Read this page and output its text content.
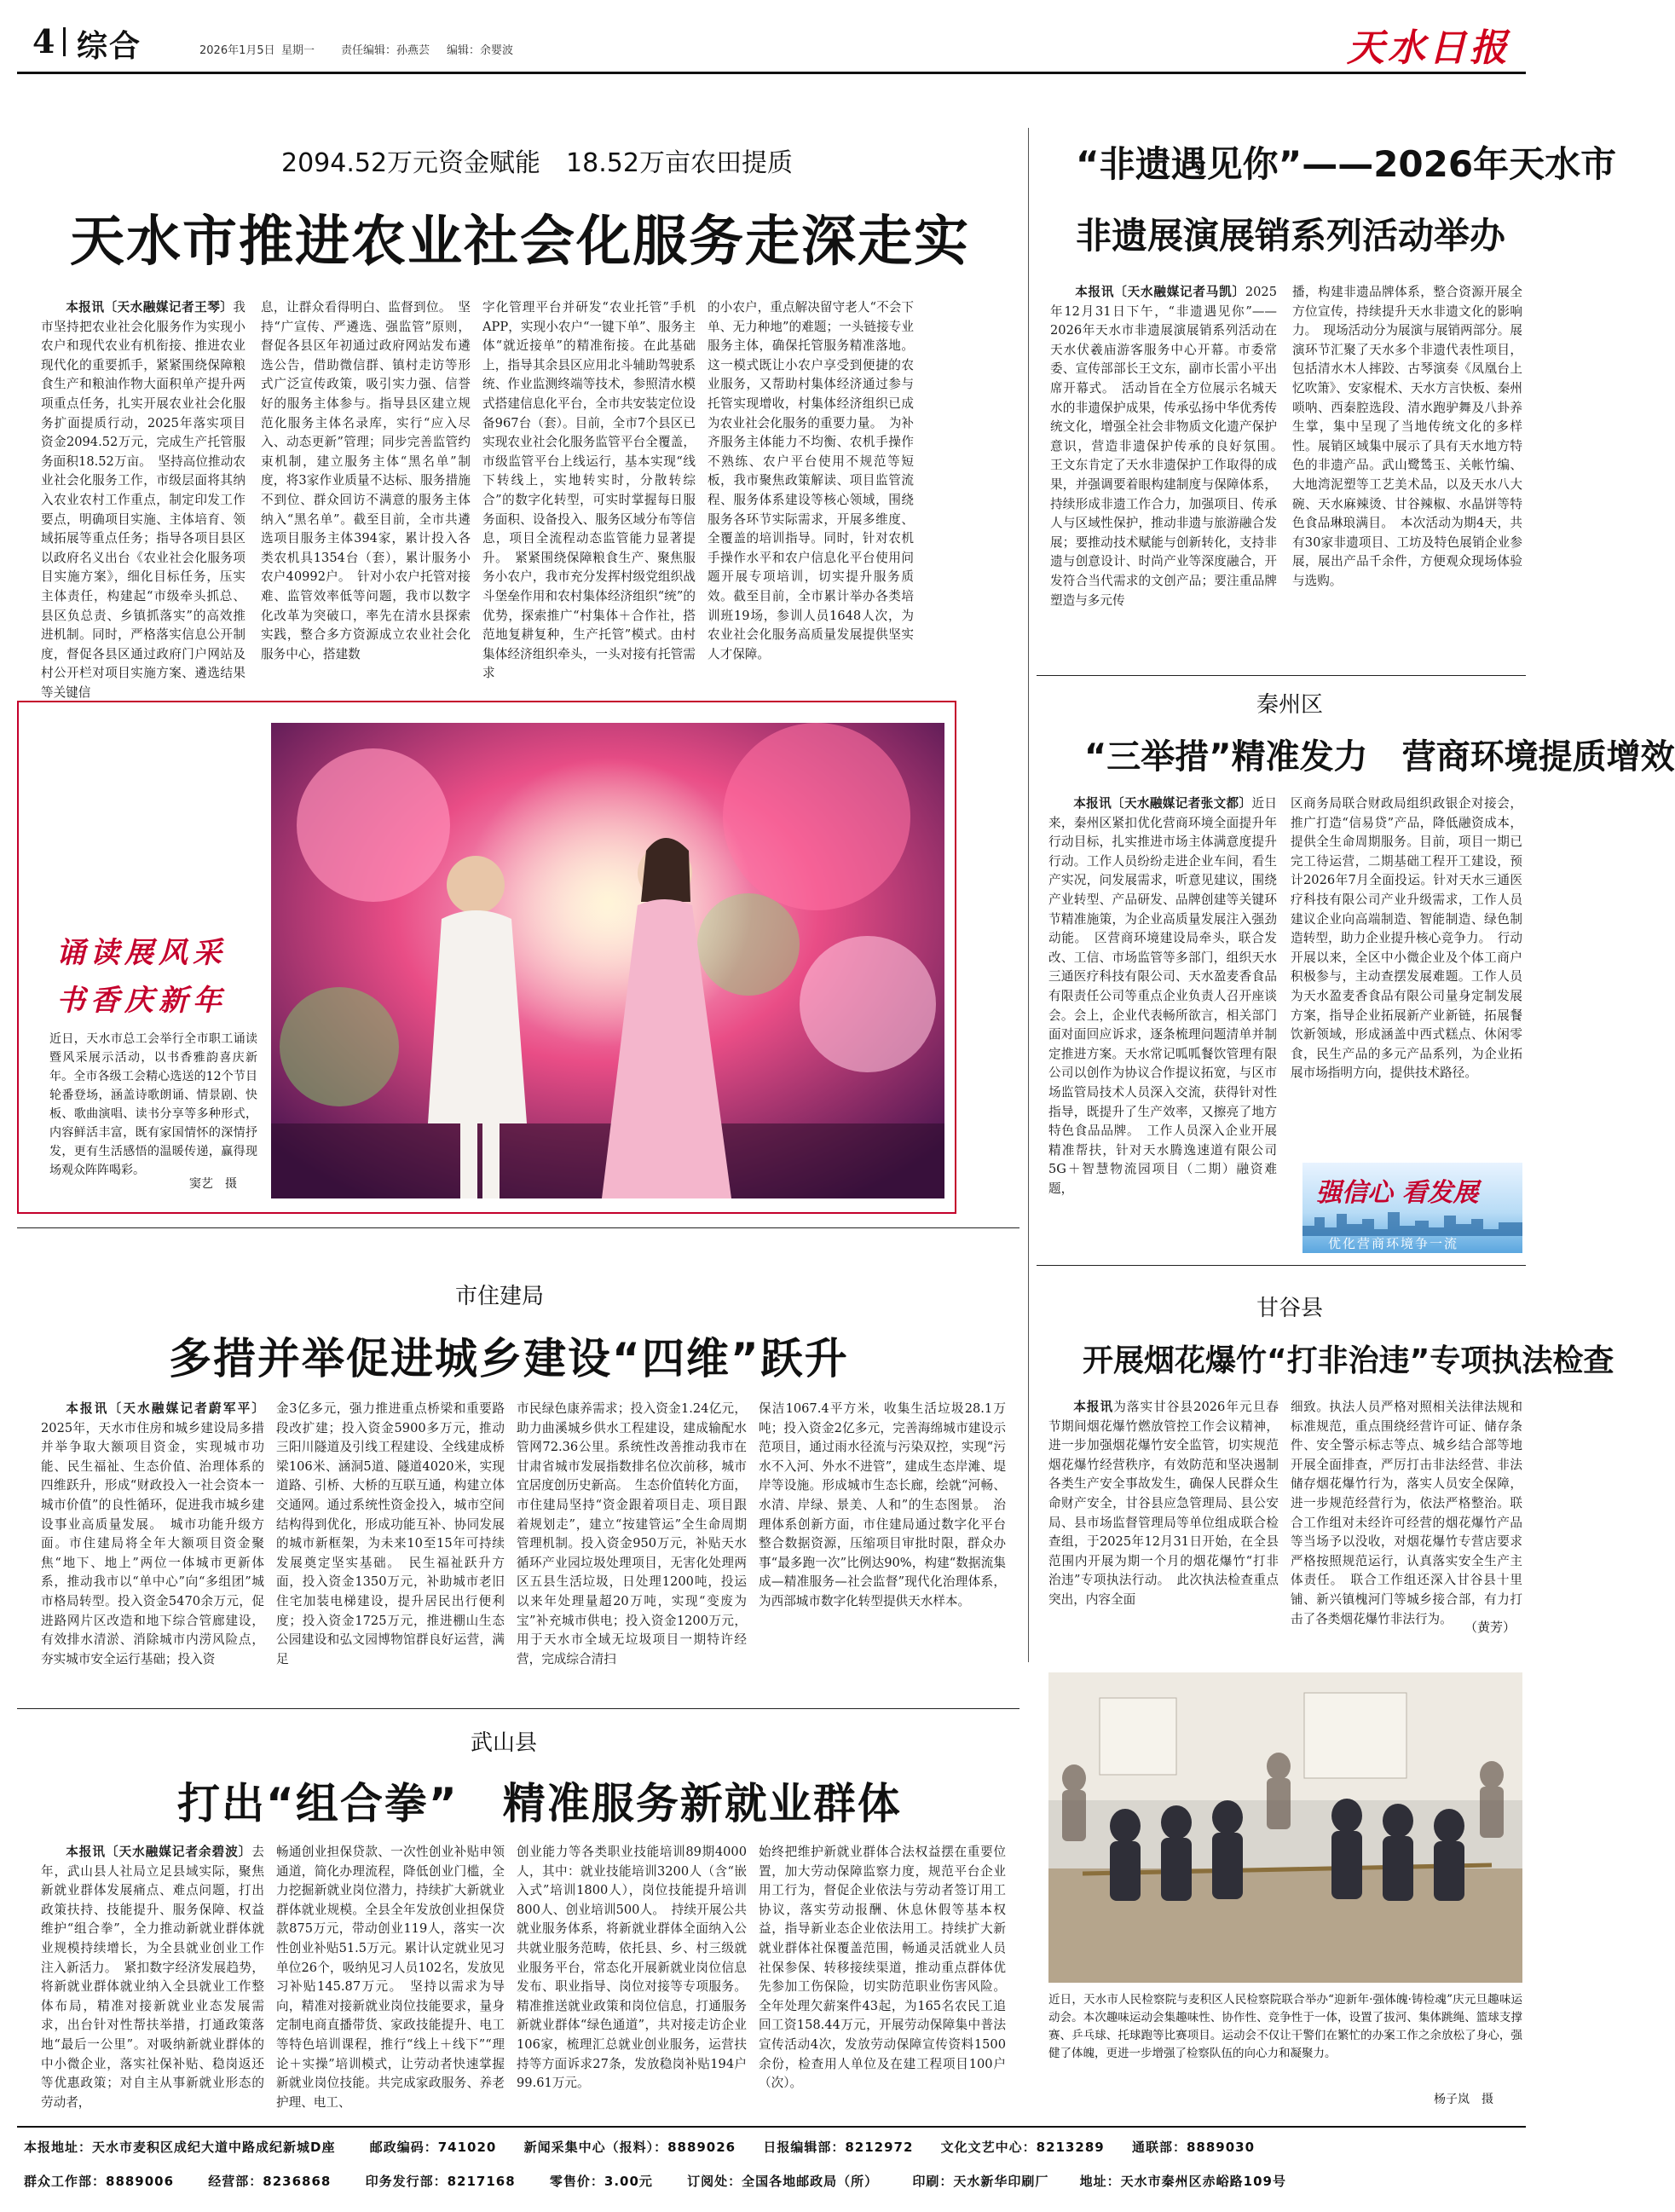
4 综合	2026年1月5日 星期一 责任编辑：孙燕芸 编辑：余婴波	天水日报
2094.52万元资金赋能　18.52万亩农田提质
天水市推进农业社会化服务走深走实

本报讯〔天水融媒记者王琴〕我市坚持把农业社会化服务作为实现小农户和现代农业有机衔接、推进农业现代化的重要抓手，紧紧围绕保障粮食生产和粮油作物大面积单产提升两项重点任务，扎实开展农业社会化服务扩面提质行动，2025年落实项目资金2094.52万元，完成生产托管服务面积18.52万亩。　坚持高位推动农业社会化服务工作，市级层面将其纳入农业农村工作重点，制定印发工作要点，明确项目实施、主体培育、领域拓展等重点任务；指导各项目县区以政府名义出台《农业社会化服务项目实施方案》，细化目标任务，压实主体责任，构建起“市级牵头抓总、县区负总责、乡镇抓落实”的高效推进机制。同时，严格落实信息公开制度，督促各县区通过政府门户网站及村公开栏对项目实施方案、遴选结果等关键信

息，让群众看得明白、监督到位。　坚持“广宣传、严遴选、强监管”原则，督促各县区年初通过政府网站发布遴选公告，借助微信群、镇村走访等形式广泛宣传政策，吸引实力强、信誉好的服务主体参与。指导县区建立规范化服务主体名录库，实行“应入尽入、动态更新”管理；同步完善监管约束机制，建立服务主体“黑名单”制度，将3家作业质量不达标、服务措施不到位、群众回访不满意的服务主体纳入“黑名单”。截至目前，全市共遴选项目服务主体394家，累计投入各类农机具1354台（套），累计服务小农户40992户。　针对小农户托管对接难、监管效率低等问题，我市以数字化改革为突破口，率先在清水县探索实践，整合多方资源成立农业社会化服务中心，搭建数

字化管理平台并研发“农业托管”手机APP，实现小农户“一键下单”、服务主体“就近接单”的精准衔接。在此基础上，指导其余县区应用北斗辅助驾驶系统、作业监测终端等技术，参照清水模式搭建信息化平台，全市共安装定位设备967台（套）。目前，全市7个县区已实现农业社会化服务监管平台全覆盖，市级监管平台上线运行，基本实现“线下转线上，实地转实时，分散转综合”的数字化转型，可实时掌握每日服务面积、设备投入、服务区域分布等信息，项目全流程动态监管能力显著提升。　紧紧围绕保障粮食生产、聚焦服务小农户，我市充分发挥村级党组织战斗堡垒作用和农村集体经济组织“统”的优势，探索推广“村集体＋合作社，搭范地复耕复种，生产托管”模式。由村集体经济组织牵头，一头对接有托管需求

的小农户，重点解决留守老人“不会下单、无力种地”的难题；一头链接专业服务主体，确保托管服务精准落地。这一模式既让小农户享受到便捷的农业服务，又帮助村集体经济通过参与托管实现增收，村集体经济组织已成为农业社会化服务的重要力量。　为补齐服务主体能力不均衡、农机手操作不熟练、农户平台使用不规范等短板，我市聚焦政策解读、项目监管流程、服务体系建设等核心领域，围绕服务各环节实际需求，开展多维度、全覆盖的培训指导。同时，针对农机手操作水平和农户信息化平台使用问题开展专项培训，切实提升服务质效。截至目前，全市累计举办各类培训班19场，参训人员1648人次，为农业社会化服务高质量发展提供坚实人才保障。

“非遗遇见你”——2026年天水市
非遗展演展销系列活动举办

本报讯〔天水融媒记者马凯〕2025年12月31日下午，“非遗遇见你”——2026年天水市非遗展演展销系列活动在天水伏羲庙游客服务中心开幕。市委常委、宣传部部长王文东，副市长雷小平出席开幕式。　活动旨在全方位展示名城天水的非遗保护成果，传承弘扬中华优秀传统文化，增强全社会非物质文化遗产保护意识，营造非遗保护传承的良好氛围。　王文东肯定了天水非遗保护工作取得的成果，并强调要着眼构建制度与保障体系，持续形成非遗工作合力，加强项目、传承人与区域性保护，推动非遗与旅游融合发展；要推动技术赋能与创新转化，支持非遗与创意设计、时尚产业等深度融合，开发符合当代需求的文创产品；要注重品牌塑造与多元传

播，构建非遗品牌体系，整合资源开展全方位宣传，持续提升天水非遗文化的影响力。　现场活动分为展演与展销两部分。展演环节汇聚了天水多个非遗代表性项目，包括清水木人摔跤、古琴演奏《凤凰台上忆吹箫》、安家棍术、天水方言快板、秦州唢呐、西秦腔选段、清水跑驴舞及八卦养生掌，集中呈现了当地传统文化的多样性。展销区域集中展示了具有天水地方特色的非遗产品。武山鹭鸶玉、关帐竹编、大地湾泥塑等工艺美术品，以及天水八大碗、天水麻辣烫、甘谷辣椒、水晶饼等特色食品琳琅满目。　本次活动为期4天，共有30家非遗项目、工坊及特色展销企业参展，展出产品千余件，方便观众现场体验与选购。

诵读展风采
书香庆新年
近日，天水市总工会举行全市职工诵读暨风采展示活动，以书香雅韵喜庆新年。全市各级工会精心选送的12个节目轮番登场，涵盖诗歌朗诵、情景剧、快板、歌曲演唱、读书分享等多种形式，内容鲜活丰富，既有家国情怀的深情抒发，更有生活感悟的温暖传递，赢得现场观众阵阵喝彩。
窦艺　摄
秦州区
“三举措”精准发力　营商环境提质增效

本报讯〔天水融媒记者张文都〕近日来，秦州区紧扣优化营商环境全面提升年行动目标，扎实推进市场主体满意度提升行动。工作人员纷纷走进企业车间，看生产实况，问发展需求，听意见建议，围绕产业转型、产品研发、品牌创建等关键环节精准施策，为企业高质量发展注入强劲动能。　区营商环境建设局牵头，联合发改、工信、市场监管等多部门，组织天水三通医疗科技有限公司、天水盈麦香食品有限责任公司等重点企业负责人召开座谈会。会上，企业代表畅所欲言，相关部门面对面回应诉求，逐条梳理问题清单并制定推进方案。天水常记呱呱餐饮管理有限公司以创作为协议合作提议拓宽，与区市场监管局技术人员深入交流，获得针对性指导，既提升了生产效率，又擦亮了地方特色食品品牌。　工作人员深入企业开展精准帮扶，针对天水腾逸速道有限公司5G＋智慧物流园项目（二期）融资难题，

区商务局联合财政局组织政银企对接会，推广打造“信易贷”产品，降低融资成本，提供全生命周期服务。目前，项目一期已完工待运营，二期基础工程开工建设，预计2026年7月全面投运。针对天水三通医疗科技有限公司产业升级需求，工作人员建议企业向高端制造、智能制造、绿色制造转型，助力企业提升核心竞争力。　行动开展以来，全区中小微企业及个体工商户积极参与，主动查摆发展难题。工作人员为天水盈麦香食品有限公司量身定制发展方案，指导企业拓展新产业新链，拓展餐饮新领域，形成涵盖中西式糕点、休闲零食，民生产品的多元产品系列，为企业拓展市场指明方向，提供技术路径。

强信心 看发展
优化营商环境争一流
市住建局
多措并举促进城乡建设“四维”跃升

本报讯〔天水融媒记者蔚军平〕2025年，天水市住房和城乡建设局多措并举争取大额项目资金，实现城市功能、民生福祉、生态价值、治理体系的四维跃升，形成“财政投入一社会资本一城市价值”的良性循环，促进我市城乡建设事业高质量发展。　城市功能升级方面。市住建局将全年大额项目资金聚焦“地下、地上”两位一体城市更新体系，推动我市以“单中心”向“多组团”城市格局转型。投入资金5470余万元，促进路网片区改造和地下综合管廊建设，有效排水清淤、消除城市内涝风险点，夯实城市安全运行基础；投入资

金3亿多元，强力推进重点桥梁和重要路段改扩建；投入资金5900多万元，推动三阳川隧道及引线工程建设、全线建成桥梁106米、涵洞5道、隧道4020米，实现道路、引桥、大桥的互联互通，构建立体交通网。通过系统性资金投入，城市空间结构得到优化，形成功能互补、协同发展的城市新框架，为未来10至15年可持续发展奠定坚实基础。　民生福祉跃升方面，投入资金1350万元，补助城市老旧住宅加装电梯建设，提升居民出行便利度；投入资金1725万元，推进棚山生态公园建设和弘文园博物馆群良好运营，满足

市民绿色康养需求；投入资金1.24亿元，助力曲溪城乡供水工程建设，建成输配水管网72.36公里。系统性改善推动我市在甘肃省城市发展指数排名位次前移，城市宜居度创历史新高。　生态价值转化方面，市住建局坚持“资金跟着项目走、项目跟着规划走”，建立“按建管运”全生命周期管理机制。投入资金950万元，补贴天水循环产业园垃圾处理项目，无害化处理两区五县生活垃圾，日处理1200吨，投运以来年处理量超20万吨，实现“变废为宝”补充城市供电；投入资金1200万元，用于天水市全域无垃圾项目一期特许经营，完成综合清扫

保洁1067.4平方米，收集生活垃圾28.1万吨；投入资金2亿多元，完善海绵城市建设示范项目，通过雨水径流与污染双控，实现“污水不入河、外水不进管”，建成生态岸滩、堤岸等设施。形成城市生态长廊，绘就“河畅、水清、岸绿、景美、人和”的生态图景。　治理体系创新方面，市住建局通过数字化平台整合数据资源，压缩项目审批时限，群众办事“最多跑一次”比例达90%，构建“数据流集成—精准服务—社会监督”现代化治理体系，为西部城市数字化转型提供天水样本。

甘谷县
开展烟花爆竹“打非治违”专项执法检查

本报讯为落实甘谷县2026年元旦春节期间烟花爆竹燃放管控工作会议精神，进一步加强烟花爆竹安全监管，切实规范烟花爆竹经营秩序，有效防范和坚决遏制各类生产安全事故发生，确保人民群众生命财产安全，甘谷县应急管理局、县公安局、县市场监督管理局等单位组成联合检查组，于2025年12月31日开始，在全县范围内开展为期一个月的烟花爆竹“打非治违”专项执法行动。　此次执法检查重点突出，内容全面

细致。执法人员严格对照相关法律法规和标准规范，重点围绕经营许可证、储存条件、安全警示标志等点、城乡结合部等地开展全面排查，严厉打击非法经营、非法储存烟花爆竹行为，落实人员安全保障，进一步规范经营行为，依法严格整治。联合工作组对未经许可经营的烟花爆竹产品等当场予以没收，对烟花爆竹专营店要求严格按照规范运行，认真落实安全生产主体责任。　联合工作组还深入甘谷县十里铺、新兴镇槐河门等城乡接合部，有力打击了各类烟花爆竹非法行为。

（黄芳）
近日，天水市人民检察院与麦积区人民检察院联合举办“迎新年·强体魄·铸检魂”庆元旦趣味运动会。本次趣味运动会集趣味性、协作性、竞争性于一体，设置了拔河、集体跳绳、篮球支撑赛、乒乓球、托球跑等比赛项目。运动会不仅让干警们在繁忙的办案工作之余放松了身心，强健了体魄，更进一步增强了检察队伍的向心力和凝聚力。
杨子岚　摄
武山县
打出“组合拳”　精准服务新就业群体

本报讯〔天水融媒记者余碧波〕去年，武山县人社局立足县域实际，聚焦新就业群体发展痛点、难点问题，打出政策扶持、技能提升、服务保障、权益维护“组合拳”，全力推动新就业群体就业规模持续增长，为全县就业创业工作注入新活力。　紧扣数字经济发展趋势，将新就业群体就业纳入全县就业工作整体布局，精准对接新就业业态发展需求，出台针对性帮扶举措，打通政策落地“最后一公里”。对吸纳新就业群体的中小微企业，落实社保补贴、稳岗返还等优惠政策；对自主从事新就业形态的劳动者，

畅通创业担保贷款、一次性创业补贴申领通道，简化办理流程，降低创业门槛，全力挖掘新就业岗位潜力，持续扩大新就业群体就业规模。全县全年发放创业担保贷款875万元，带动创业119人，落实一次性创业补贴51.5万元。累计认定就业见习单位26个，吸纳见习人员102名，发放见习补贴145.87万元。　坚持以需求为导向，精准对接新就业岗位技能要求，量身定制电商直播带货、家政技能提升、电工等特色培训课程，推行“线上＋线下”“理论＋实操”培训模式，让劳动者快速掌握新就业岗位技能。共完成家政服务、养老护理、电工、

创业能力等各类职业技能培训89期4000人，其中：就业技能培训3200人（含“嵌入式”培训1800人），岗位技能提升培训800人、创业培训500人。　持续开展公共就业服务体系，将新就业群体全面纳入公共就业服务范畴，依托县、乡、村三级就业服务平台，常态化开展新就业岗位信息发布、职业指导、岗位对接等专项服务。精准推送就业政策和岗位信息，打通服务新就业群体“绿色通道”，共对接走访企业106家，梳理汇总就业创业服务，运营扶持等方面诉求27条，发放稳岗补贴194户99.61万元。

始终把维护新就业群体合法权益摆在重要位置，加大劳动保障监察力度，规范平台企业用工行为，督促企业依法与劳动者签订用工协议，落实劳动报酬、休息休假等基本权益，指导新业态企业依法用工。持续扩大新就业群体社保覆盖范围，畅通灵活就业人员社保参保、转移接续渠道，推动重点群体优先参加工伤保险，切实防范职业伤害风险。全年处理欠薪案件43起，为165名农民工追回工资158.44万元，开展劳动保障集中普法宣传活动4次，发放劳动保障宣传资料1500余份，检查用人单位及在建工程项目100户（次）。

本报地址：天水市麦积区成纪大道中路成纪新城D座	邮政编码：741020 新闻采集中心（报料）：8889026 日报编辑部：8212972 文化文艺中心：8213289 通联部：8889030
群众工作部：8889006	经营部：8236868	印务发行部：8217168	零售价：3.00元	订阅处：全国各地邮政局（所）	印刷：天水新华印刷厂 地址：天水市秦州区赤峪路109号
